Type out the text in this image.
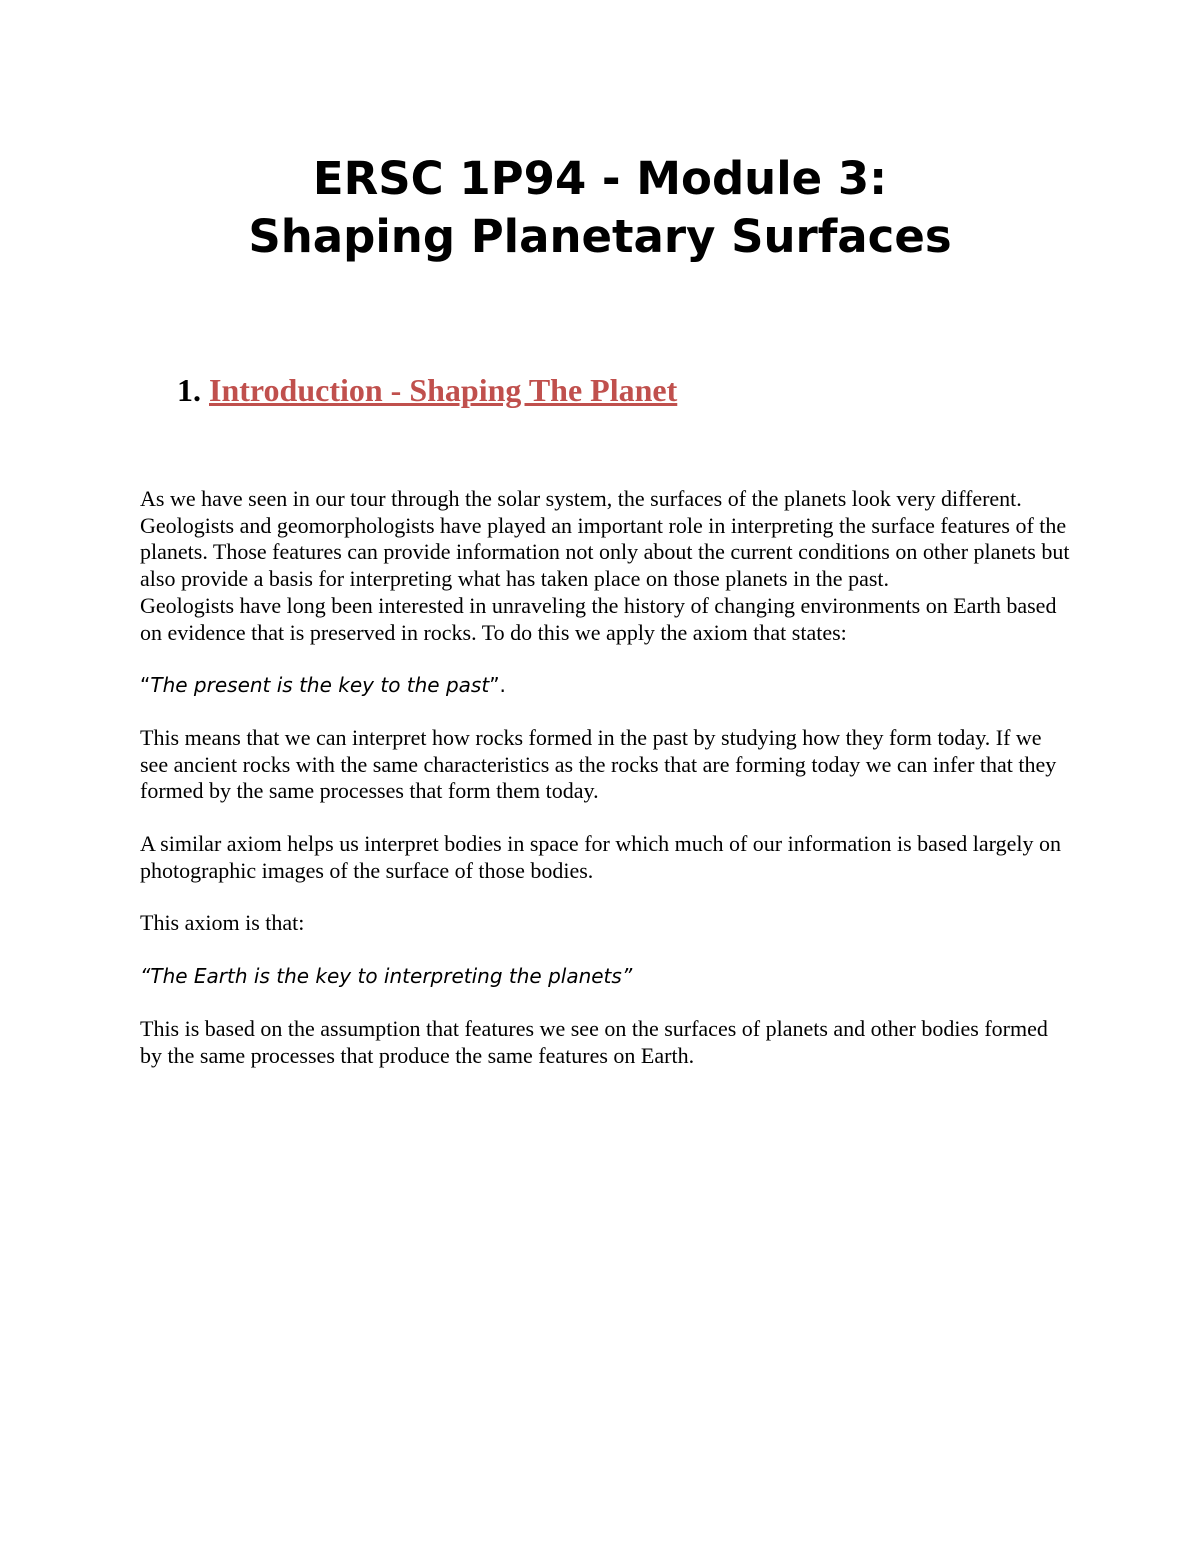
ERSC 1P94 - Module 3:
Shaping Planetary Surfaces
1. Introduction - Shaping The Planet

As we have seen in our tour through the solar system, the surfaces of the planets look very different. Geologists and geomorphologists have played an important role in interpreting the surface features of the planets. Those features can provide information not only about the current conditions on other planets but also provide a basis for interpreting what has taken place on those planets in the past.

Geologists have long been interested in unraveling the history of changing environments on Earth based on evidence that is preserved in rocks. To do this we apply the axiom that states:

“The present is the key to the past”.

This means that we can interpret how rocks formed in the past by studying how they form today. If we see ancient rocks with the same characteristics as the rocks that are forming today we can infer that they formed by the same processes that form them today.

A similar axiom helps us interpret bodies in space for which much of our information is based largely on photographic images of the surface of those bodies.

This axiom is that:

“The Earth is the key to interpreting the planets”

This is based on the assumption that features we see on the surfaces of planets and other bodies formed by the same processes that produce the same features on Earth.
